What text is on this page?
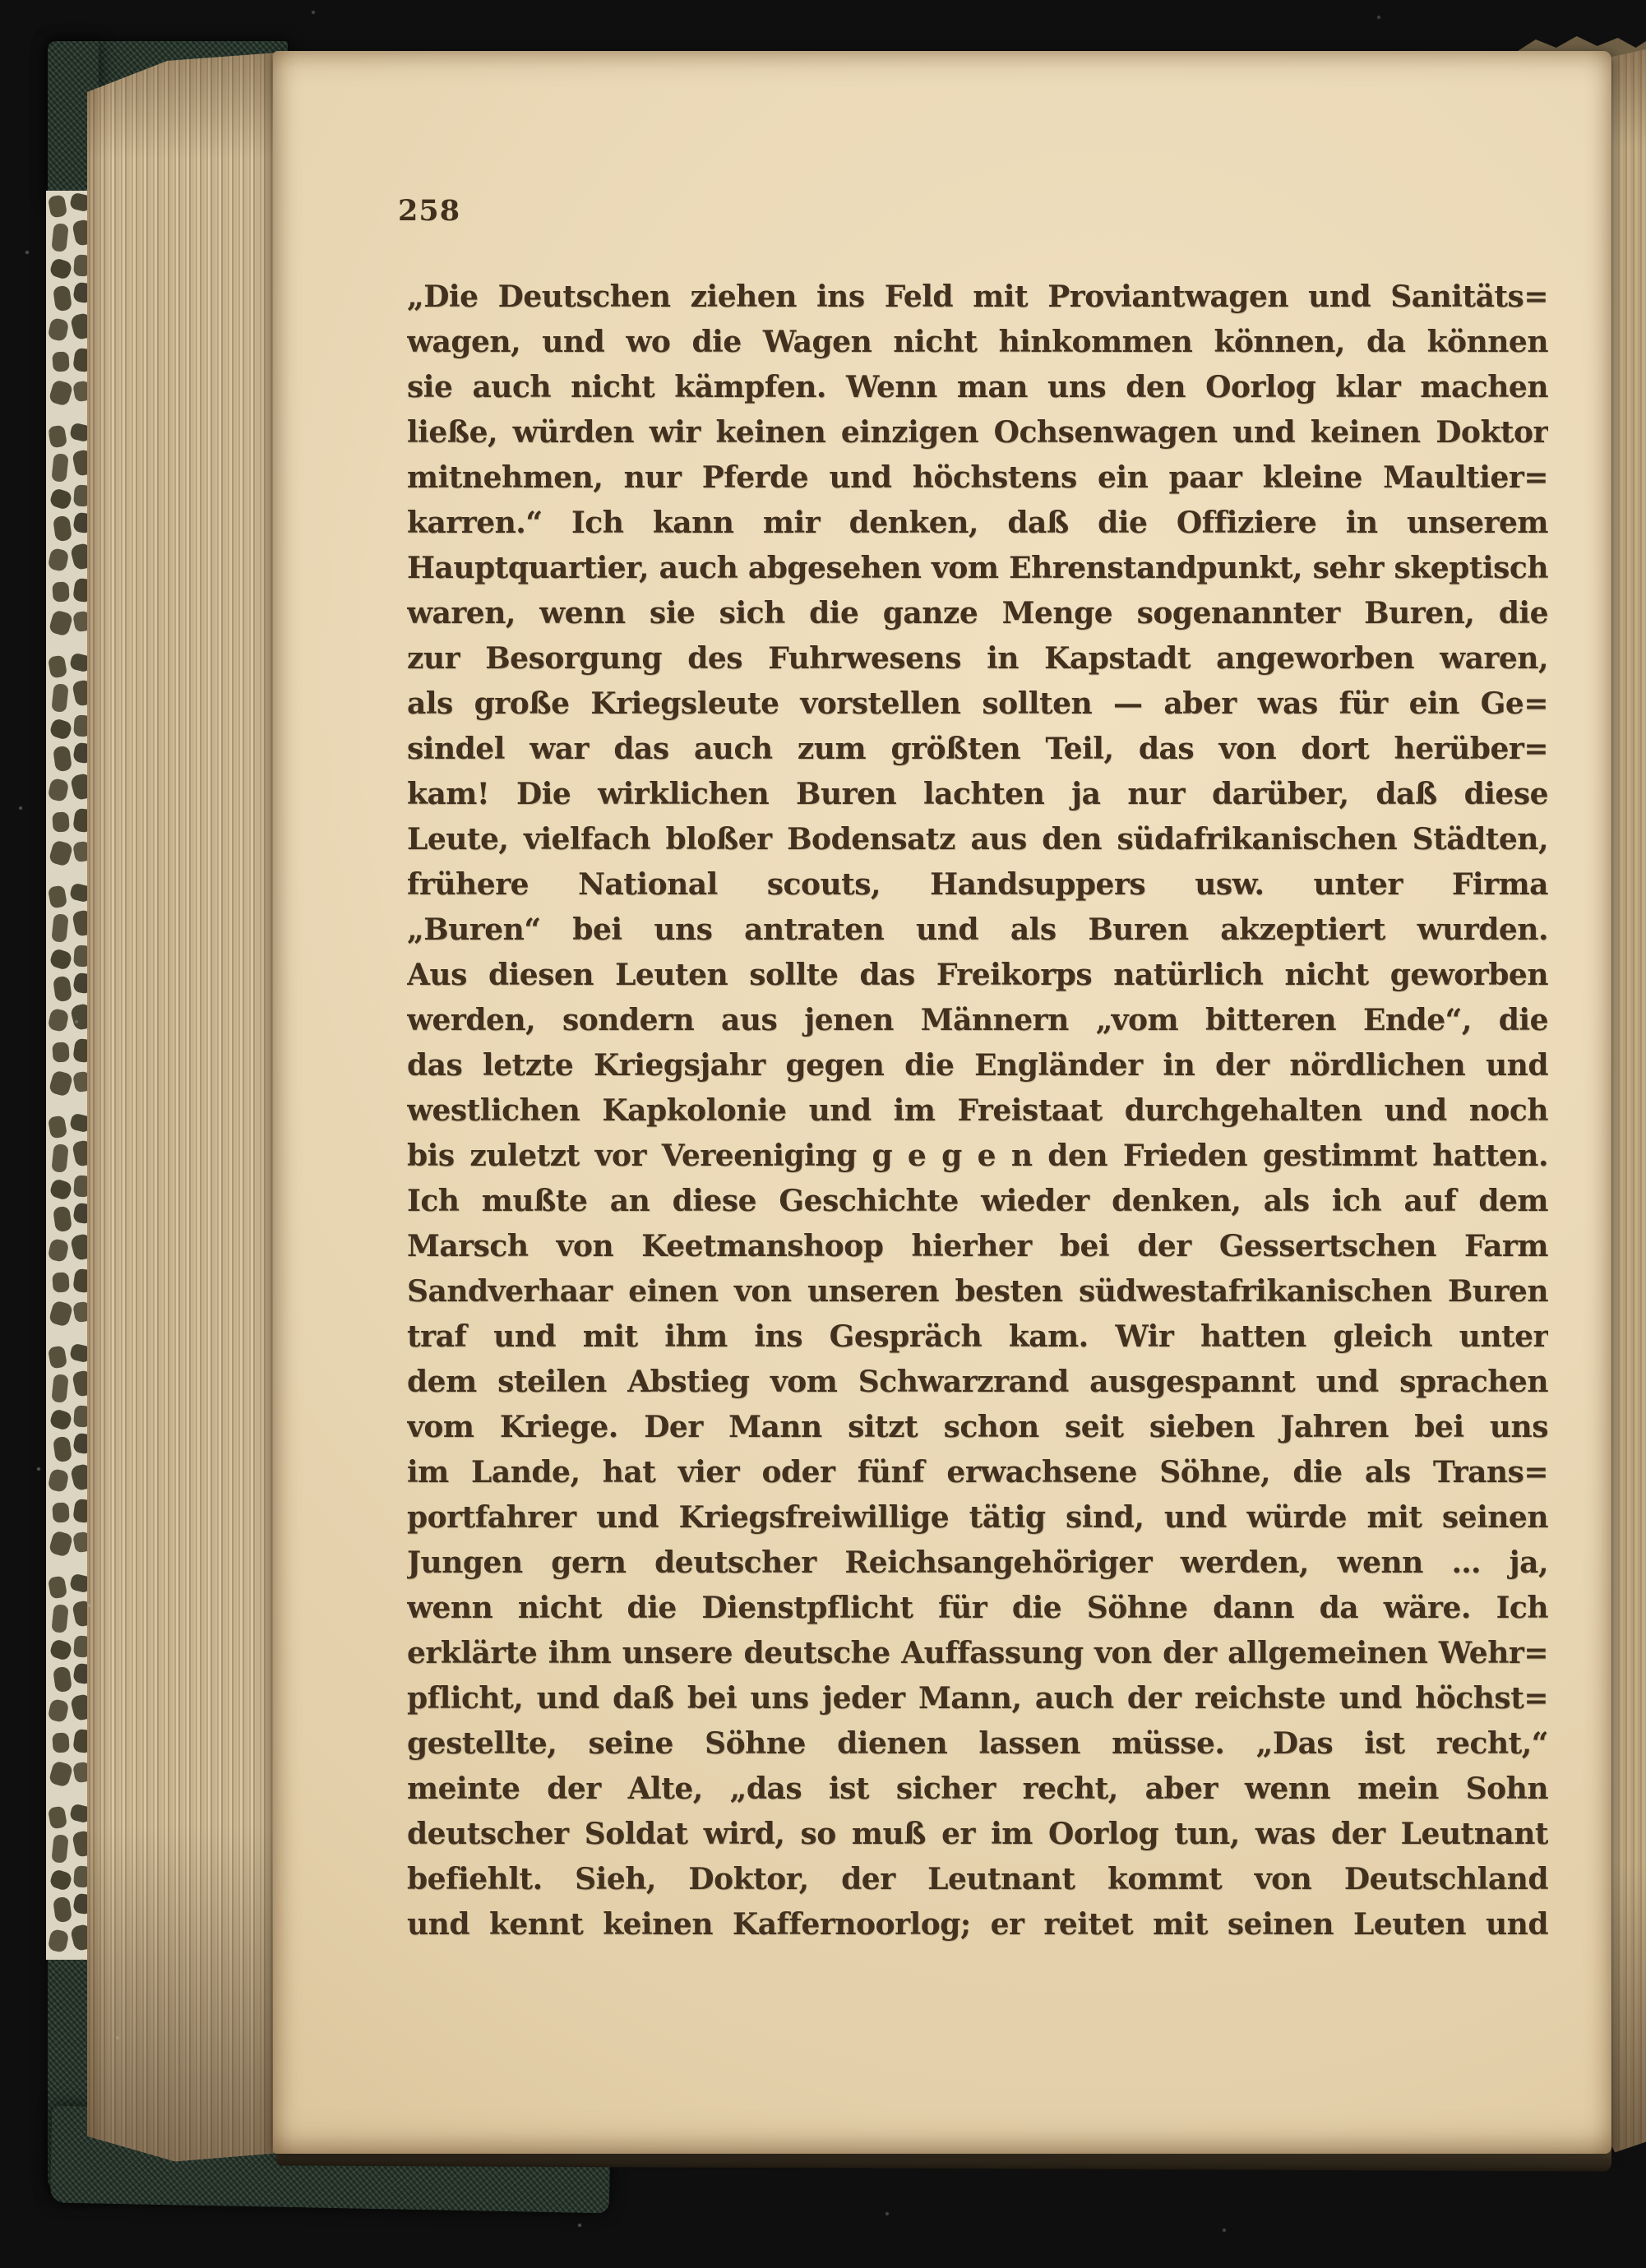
258
„Die Deutschen ziehen ins Feld mit Proviantwagen und Sanitäts=
wagen, und wo die Wagen nicht hinkommen können, da können
sie auch nicht kämpfen. Wenn man uns den Oorlog klar machen
ließe, würden wir keinen einzigen Ochsenwagen und keinen Doktor
mitnehmen, nur Pferde und höchstens ein paar kleine Maultier=
karren.“ Ich kann mir denken, daß die Offiziere in unserem
Hauptquartier, auch abgesehen vom Ehrenstandpunkt, sehr skeptisch
waren, wenn sie sich die ganze Menge sogenannter Buren, die
zur Besorgung des Fuhrwesens in Kapstadt angeworben waren,
als große Kriegsleute vorstellen sollten — aber was für ein Ge=
sindel war das auch zum größten Teil, das von dort herüber=
kam! Die wirklichen Buren lachten ja nur darüber, daß diese
Leute, vielfach bloßer Bodensatz aus den südafrikanischen Städten,
frühere National scouts, Handsuppers usw. unter Firma
„Buren“ bei uns antraten und als Buren akzeptiert wurden.
Aus diesen Leuten sollte das Freikorps natürlich nicht geworben
werden, sondern aus jenen Männern „vom bitteren Ende“, die
das letzte Kriegsjahr gegen die Engländer in der nördlichen und
westlichen Kapkolonie und im Freistaat durchgehalten und noch
bis zuletzt vor Vereeniging g e g e n den Frieden gestimmt hatten.
Ich mußte an diese Geschichte wieder denken, als ich auf dem
Marsch von Keetmanshoop hierher bei der Gessertschen Farm
Sandverhaar einen von unseren besten südwestafrikanischen Buren
traf und mit ihm ins Gespräch kam. Wir hatten gleich unter
dem steilen Abstieg vom Schwarzrand ausgespannt und sprachen
vom Kriege. Der Mann sitzt schon seit sieben Jahren bei uns
im Lande, hat vier oder fünf erwachsene Söhne, die als Trans=
portfahrer und Kriegsfreiwillige tätig sind, und würde mit seinen
Jungen gern deutscher Reichsangehöriger werden, wenn … ja,
wenn nicht die Dienstpflicht für die Söhne dann da wäre. Ich
erklärte ihm unsere deutsche Auffassung von der allgemeinen Wehr=
pflicht, und daß bei uns jeder Mann, auch der reichste und höchst=
gestellte, seine Söhne dienen lassen müsse. „Das ist recht,“
meinte der Alte, „das ist sicher recht, aber wenn mein Sohn
deutscher Soldat wird, so muß er im Oorlog tun, was der Leutnant
befiehlt. Sieh, Doktor, der Leutnant kommt von Deutschland
und kennt keinen Kaffernoorlog; er reitet mit seinen Leuten und
